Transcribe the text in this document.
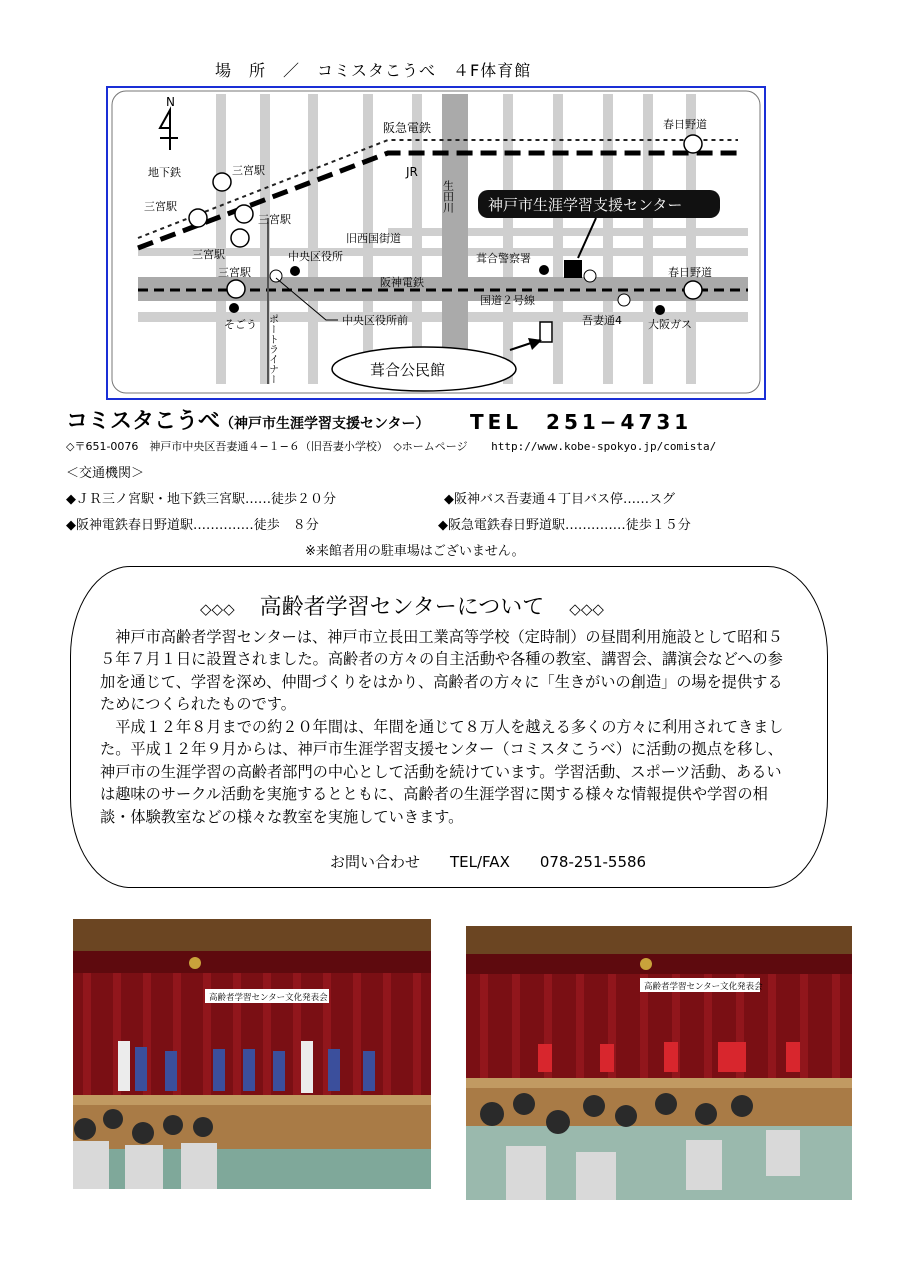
場　所　／　コミスタこうべ　４F体育館
N
阪急電鉄	春日野道
地下鉄	三宮駅
三宮駅
三宮駅
三宮駅
JR
生田川 神戸市生涯学習支援センター
旧西国街道
中央区役所	葺合警察署
三宮駅
阪神電鉄
春日野道
国道２号線
そごう ポートライナー	中央区役所前	吾妻通4 大阪ガス
葺合公民館
コミスタこうべ（神戸市生涯学習支援センター） TEL　251−4731
◇〒651-0076　神戸市中央区吾妻通４−１−６（旧吾妻小学校）　◇ホームページ http://www.kobe-spokyo.jp/comista/
＜交通機関＞
◆ＪＲ三ノ宮駅・地下鉄三宮駅‥‥‥徒歩２０分	◆阪神バス吾妻通４丁目バス停‥‥‥スグ
◆阪神電鉄春日野道駅‥‥‥‥‥‥‥徒歩　８分	◆阪急電鉄春日野道駅‥‥‥‥‥‥‥徒歩１５分
※来館者用の駐車場はございません。
◇◇◇ 高齢者学習センターについて ◇◇◇

神戸市高齢者学習センターは、神戸市立長田工業高等学校（定時制）の昼間利用施設として昭和５５年７月１日に設置されました。高齢者の方々の自主活動や各種の教室、講習会、講演会などへの参加を通じて、学習を深め、仲間づくりをはかり、高齢者の方々に「生きがいの創造」の場を提供するためにつくられたものです。

平成１２年８月までの約２０年間は、年間を通じて８万人を越える多くの方々に利用されてきました。平成１２年９月からは、神戸市生涯学習支援センター（コミスタこうべ）に活動の拠点を移し、神戸市の生涯学習の高齢者部門の中心として活動を続けています。学習活動、スポーツ活動、あるいは趣味のサークル活動を実施するとともに、高齢者の生涯学習に関する様々な情報提供や学習の相談・体験教室などの様々な教室を実施していきます。

お問い合わせ　　TEL/FAX　　078-251-5586
高齢者学習センター文化発表会
高齢者学習センター文化発表会
